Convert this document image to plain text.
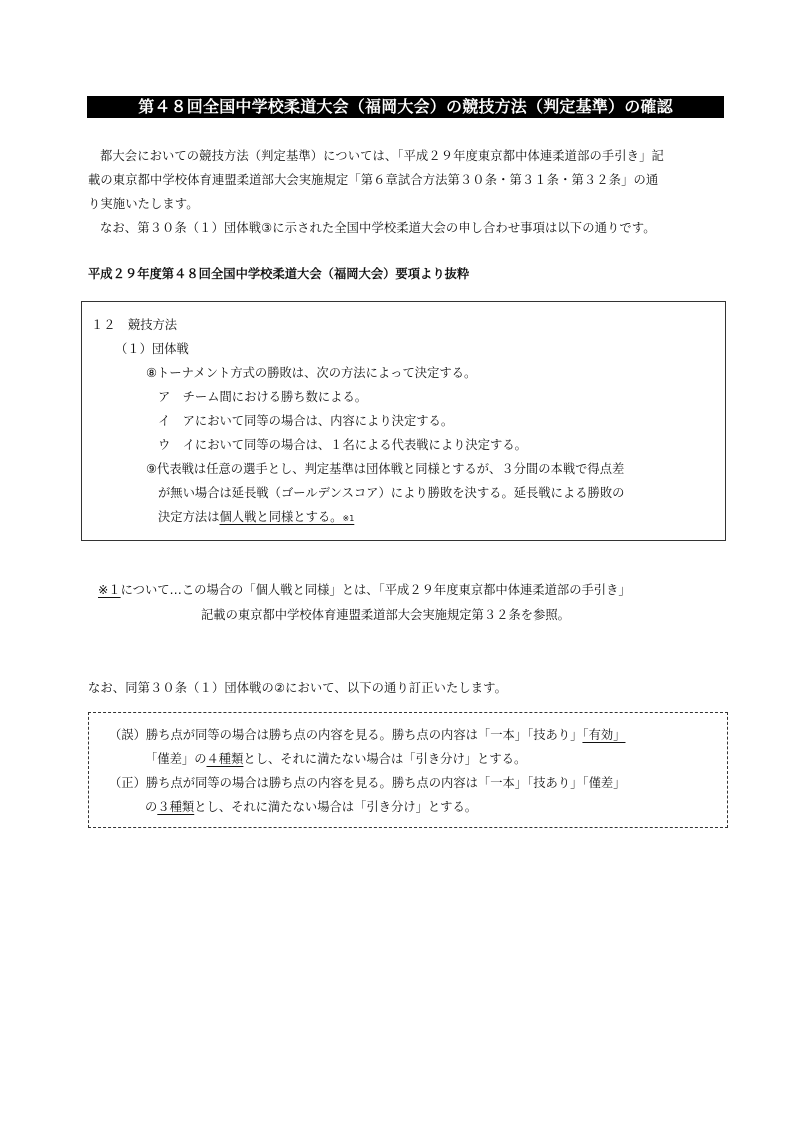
第４８回全国中学校柔道大会（福岡大会）の競技方法（判定基準）の確認
都大会においての競技方法（判定基準）については、「平成２９年度東京都中体連柔道部の手引き」記
載の東京都中学校体育連盟柔道部大会実施規定「第６章試合方法第３０条・第３１条・第３２条」の通
り実施いたします。
なお、第３０条（１）団体戦③に示された全国中学校柔道大会の申し合わせ事項は以下の通りです。
平成２９年度第４８回全国中学校柔道大会（福岡大会）要項より抜粋
１２　競技方法
（１）団体戦
⑧トーナメント方式の勝敗は、次の方法によって決定する。
ア　チーム間における勝ち数による。
イ　アにおいて同等の場合は、内容により決定する。
ウ　イにおいて同等の場合は、１名による代表戦により決定する。
⑨代表戦は任意の選手とし、判定基準は団体戦と同様とするが、３分間の本戦で得点差
が無い場合は延長戦（ゴールデンスコア）により勝敗を決する。延長戦による勝敗の
決定方法は個人戦と同様とする。※1
※１について…この場合の「個人戦と同様」とは、「平成２９年度東京都中体連柔道部の手引き」
記載の東京都中学校体育連盟柔道部大会実施規定第３２条を参照。
なお、同第３０条（１）団体戦の②において、以下の通り訂正いたします。
（誤）勝ち点が同等の場合は勝ち点の内容を見る。勝ち点の内容は「一本」「技あり」「有効」
「僅差」の４種類とし、それに満たない場合は「引き分け」とする。
（正）勝ち点が同等の場合は勝ち点の内容を見る。勝ち点の内容は「一本」「技あり」「僅差」
の３種類とし、それに満たない場合は「引き分け」とする。
